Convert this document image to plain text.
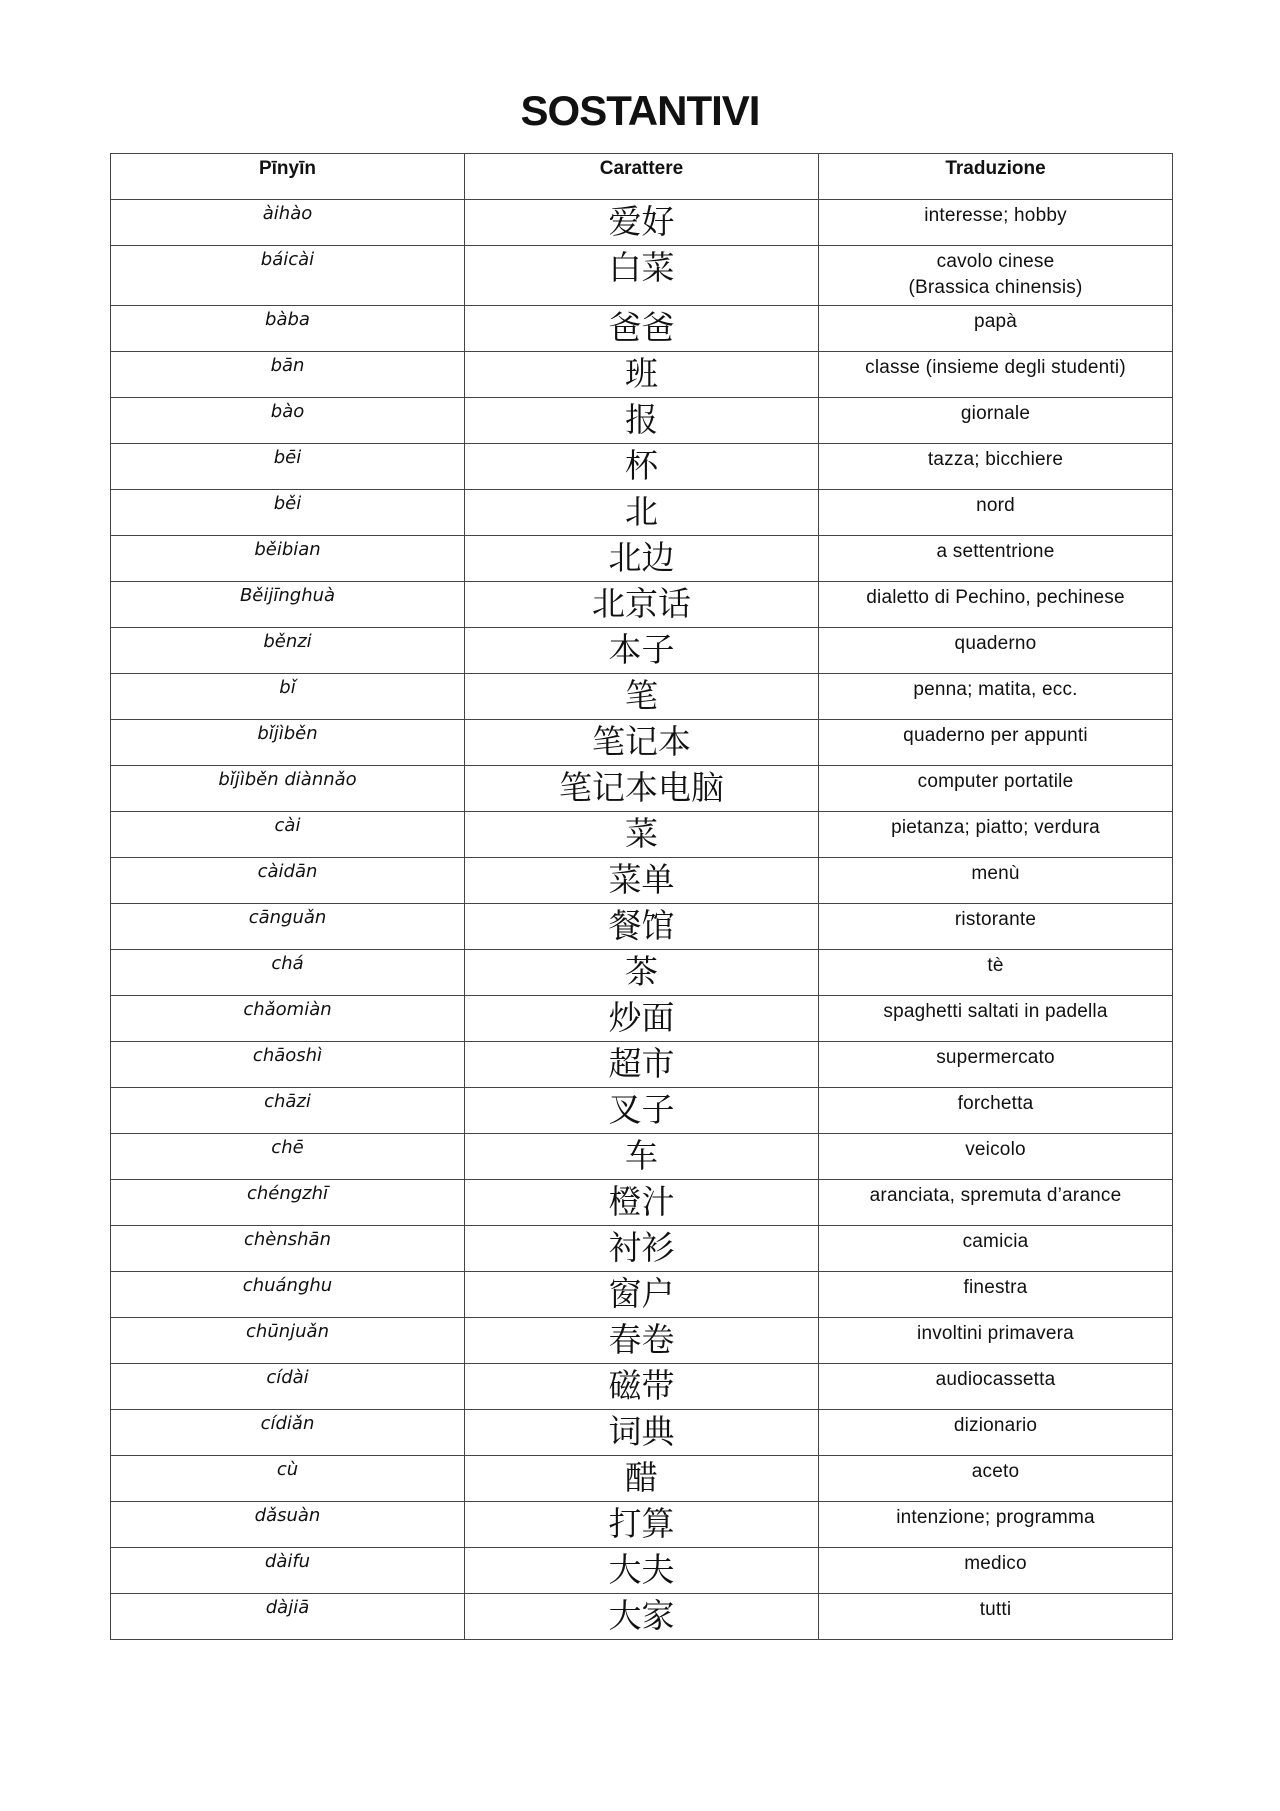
SOSTANTIVI
Pīnyīn	Carattere	Traduzione

àihào	爱好	interesse; hobby

báicài	白菜	cavolo cinese
(Brassica chinensis)

bàba	爸爸	papà

bān	班	classe (insieme degli studenti)

bào	报	giornale

bēi	杯	tazza; bicchiere

běi	北	nord

běibian	北边	a settentrione

Běijīnghuà	北京话	dialetto di Pechino, pechinese

běnzi	本子	quaderno

bǐ	笔	penna; matita, ecc.

bǐjìběn	笔记本	quaderno per appunti

bǐjìběn diànnǎo	笔记本电脑	computer portatile

cài	菜	pietanza; piatto; verdura

càidān	菜单	menù

cānguǎn	餐馆	ristorante

chá	茶	tè

chǎomiàn	炒面	spaghetti saltati in padella

chāoshì	超市	supermercato

chāzi	叉子	forchetta

chē	车	veicolo

chéngzhī	橙汁	aranciata, spremuta d’arance

chènshān	衬衫	camicia

chuánghu	窗户	finestra

chūnjuǎn	春卷	involtini primavera

cídài	磁带	audiocassetta

cídiǎn	词典	dizionario

cù	醋	aceto

dǎsuàn	打算	intenzione; programma

dàifu	大夫	medico

dàjiā	大家	tutti
